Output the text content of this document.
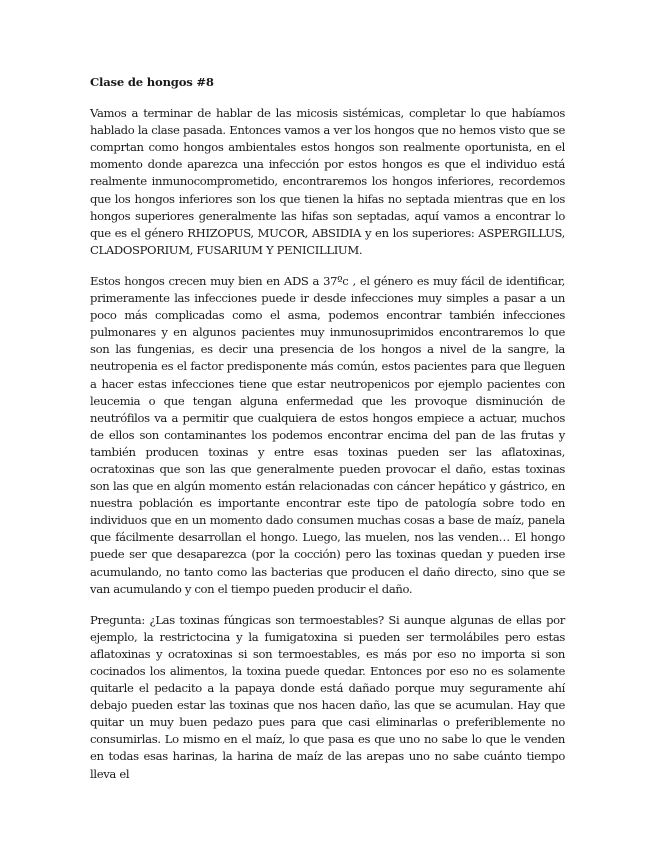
Clase de hongos #8

Vamos a terminar de hablar de las micosis sistémicas, completar lo que habíamos hablado la clase pasada. Entonces vamos a ver los hongos que no hemos visto que se comprtan como hongos ambientales estos hongos son realmente oportunista, en el momento donde aparezca una infección por estos hongos es que el individuo está realmente inmunocomprometido, encontraremos los hongos inferiores, recordemos que los hongos inferiores son los que tienen la hifas no septada mientras que en los hongos superiores generalmente las hifas son septadas, aquí vamos a encontrar lo que es el género RHIZOPUS, MUCOR, ABSIDIA y en los superiores: ASPERGILLUS, CLADOSPORIUM, FUSARIUM Y PENICILLIUM.

Estos hongos crecen muy bien en ADS a 37ºc , el género es muy fácil de identificar, primeramente las infecciones puede ir desde infecciones muy simples a pasar a un poco más complicadas como el asma, podemos encontrar también infecciones pulmonares y en algunos pacientes muy inmunosuprimidos encontraremos lo que son las fungenias, es decir una presencia de los hongos a nivel de la sangre, la neutropenia es el factor predisponente más común, estos pacientes para que lleguen a hacer estas infecciones tiene que estar neutropenicos por ejemplo pacientes con leucemia o que tengan alguna enfermedad que les provoque disminución de neutrófilos va a permitir que cualquiera de estos hongos empiece a actuar, muchos de ellos son contaminantes los podemos encontrar encima del pan de las frutas y también producen toxinas y entre esas toxinas pueden ser las aflatoxinas, ocratoxinas que son las que generalmente pueden provocar el daño, estas toxinas son las que en algún momento están relacionadas con cáncer hepático y gástrico, en nuestra población es importante encontrar este tipo de patología sobre todo en individuos que en un momento dado consumen muchas cosas a base de maíz, panela que fácilmente desarrollan el hongo. Luego, las muelen, nos las venden… El hongo puede ser que desaparezca (por la cocción) pero las toxinas quedan y pueden irse acumulando, no tanto como las bacterias que producen el daño directo, sino que se van acumulando y con el tiempo pueden producir el daño.

Pregunta: ¿Las toxinas fúngicas son termoestables? Si aunque algunas de ellas por ejemplo, la restrictocina y la fumigatoxina si pueden ser termolábiles pero estas aflatoxinas y ocratoxinas si son termoestables, es más por eso no importa si son cocinados los alimentos, la toxina puede quedar. Entonces por eso no es solamente quitarle el pedacito a la papaya donde está dañado porque muy seguramente ahí debajo pueden estar las toxinas que nos hacen daño, las que se acumulan. Hay que quitar un muy buen pedazo pues para que casi eliminarlas o preferiblemente no consumirlas. Lo mismo en el maíz, lo que pasa es que uno no sabe lo que le venden en todas esas harinas, la harina de maíz de las arepas uno no sabe cuánto tiempo lleva el
